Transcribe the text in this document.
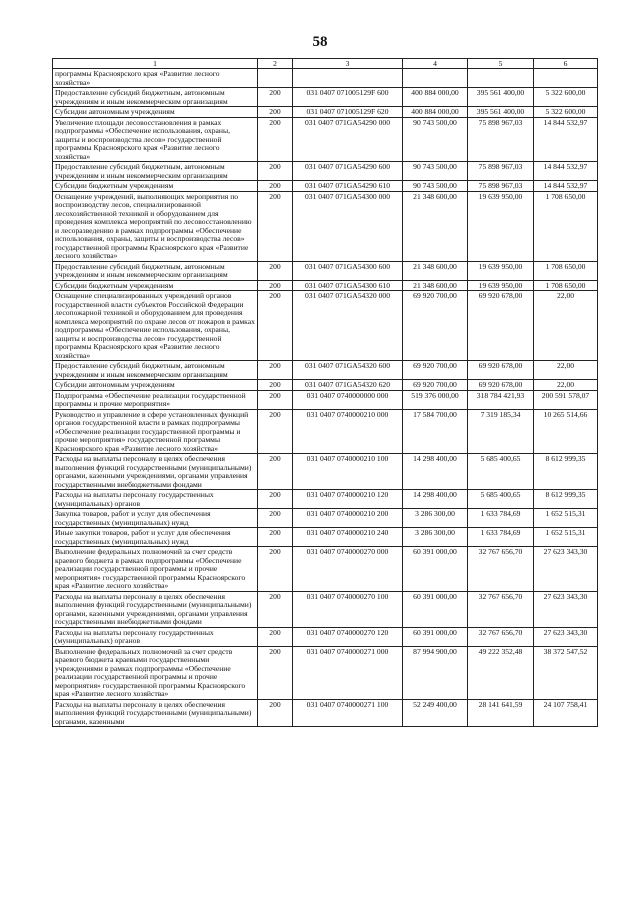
58
1	2	3	4	5	6
программы Красноярского края «Развитие лесного хозяйства»					
Предоставление субсидий бюджетным, автономным учреждениям и иным некоммерческим организациям	200	031 0407 071005129F 600	400 884 000,00	395 561 400,00	5 322 600,00
Субсидии автономным учреждениям	200	031 0407 071005129F 620	400 884 000,00	395 561 400,00	5 322 600,00
Увеличение площади лесовосстановления в рамках подпрограммы «Обеспечение использования, охраны, защиты и воспроизводства лесов» государственной программы Красноярского края «Развитие лесного хозяйства»	200	031 0407 071GA54290 000	90 743 500,00	75 898 967,03	14 844 532,97
Предоставление субсидий бюджетным, автономным учреждениям и иным некоммерческим организациям	200	031 0407 071GA54290 600	90 743 500,00	75 898 967,03	14 844 532,97
Субсидии бюджетным учреждениям	200	031 0407 071GA54290 610	90 743 500,00	75 898 967,03	14 844 532,97
Оснащение учреждений, выполняющих мероприятия по воспроизводству лесов, специализированной лесохозяйственной техникой и оборудованием для проведения комплекса мероприятий по лесовосстановлению и лесоразведению в рамках подпрограммы «Обеспечение использования, охраны, защиты и воспроизводства лесов» государственной программы Красноярского края «Развитие лесного хозяйства»	200	031 0407 071GA54300 000	21 348 600,00	19 639 950,00	1 708 650,00
Предоставление субсидий бюджетным, автономным учреждениям и иным некоммерческим организациям	200	031 0407 071GA54300 600	21 348 600,00	19 639 950,00	1 708 650,00
Субсидии бюджетным учреждениям	200	031 0407 071GA54300 610	21 348 600,00	19 639 950,00	1 708 650,00
Оснащение специализированных учреждений органов государственной власти субъектов Российской Федерации лесопожарной техникой и оборудованием для проведения комплекса мероприятий по охране лесов от пожаров в рамках подпрограммы «Обеспечение использования, охраны, защиты и воспроизводства лесов» государственной программы Красноярского края «Развитие лесного хозяйства»	200	031 0407 071GA54320 000	69 920 700,00	69 920 678,00	22,00
Предоставление субсидий бюджетным, автономным учреждениям и иным некоммерческим организациям	200	031 0407 071GA54320 600	69 920 700,00	69 920 678,00	22,00
Субсидии автономным учреждениям	200	031 0407 071GA54320 620	69 920 700,00	69 920 678,00	22,00
Подпрограмма «Обеспечение реализации государственной программы и прочие мероприятия»	200	031 0407 0740000000 000	519 376 000,00	318 784 421,93	200 591 578,07
Руководство и управление в сфере установленных функций органов государственной власти в рамках подпрограммы «Обеспечение реализации государственной программы и прочие мероприятия» государственной программы Красноярского края «Развитие лесного хозяйства»	200	031 0407 0740000210 000	17 584 700,00	7 319 185,34	10 265 514,66
Расходы на выплаты персоналу в целях обеспечения выполнения функций государственными (муниципальными) органами, казенными учреждениями, органами управления государственными внебюджетными фондами	200	031 0407 0740000210 100	14 298 400,00	5 685 400,65	8 612 999,35
Расходы на выплаты персоналу государственных (муниципальных) органов	200	031 0407 0740000210 120	14 298 400,00	5 685 400,65	8 612 999,35
Закупка товаров, работ и услуг для обеспечения государственных (муниципальных) нужд	200	031 0407 0740000210 200	3 286 300,00	1 633 784,69	1 652 515,31
Иные закупки товаров, работ и услуг для обеспечения государственных (муниципальных) нужд	200	031 0407 0740000210 240	3 286 300,00	1 633 784,69	1 652 515,31
Выполнение федеральных полномочий за счет средств краевого бюджета в рамках подпрограммы «Обеспечение реализации государственной программы и прочие мероприятия» государственной программы Красноярского края «Развитие лесного хозяйства»	200	031 0407 0740000270 000	60 391 000,00	32 767 656,70	27 623 343,30
Расходы на выплаты персоналу в целях обеспечения выполнения функций государственными (муниципальными) органами, казенными учреждениями, органами управления государственными внебюджетными фондами	200	031 0407 0740000270 100	60 391 000,00	32 767 656,70	27 623 343,30
Расходы на выплаты персоналу государственных (муниципальных) органов	200	031 0407 0740000270 120	60 391 000,00	32 767 656,70	27 623 343,30
Выполнение федеральных полномочий за счет средств краевого бюджета краевыми государственными учреждениями в рамках подпрограммы «Обеспечение реализации государственной программы и прочие мероприятия» государственной программы Красноярского края «Развитие лесного хозяйства»	200	031 0407 0740000271 000	87 994 900,00	49 222 352,48	38 372 547,52
Расходы на выплаты персоналу в целях обеспечения выполнения функций государственными (муниципальными) органами, казенными	200	031 0407 0740000271 100	52 249 400,00	28 141 641,59	24 107 758,41
